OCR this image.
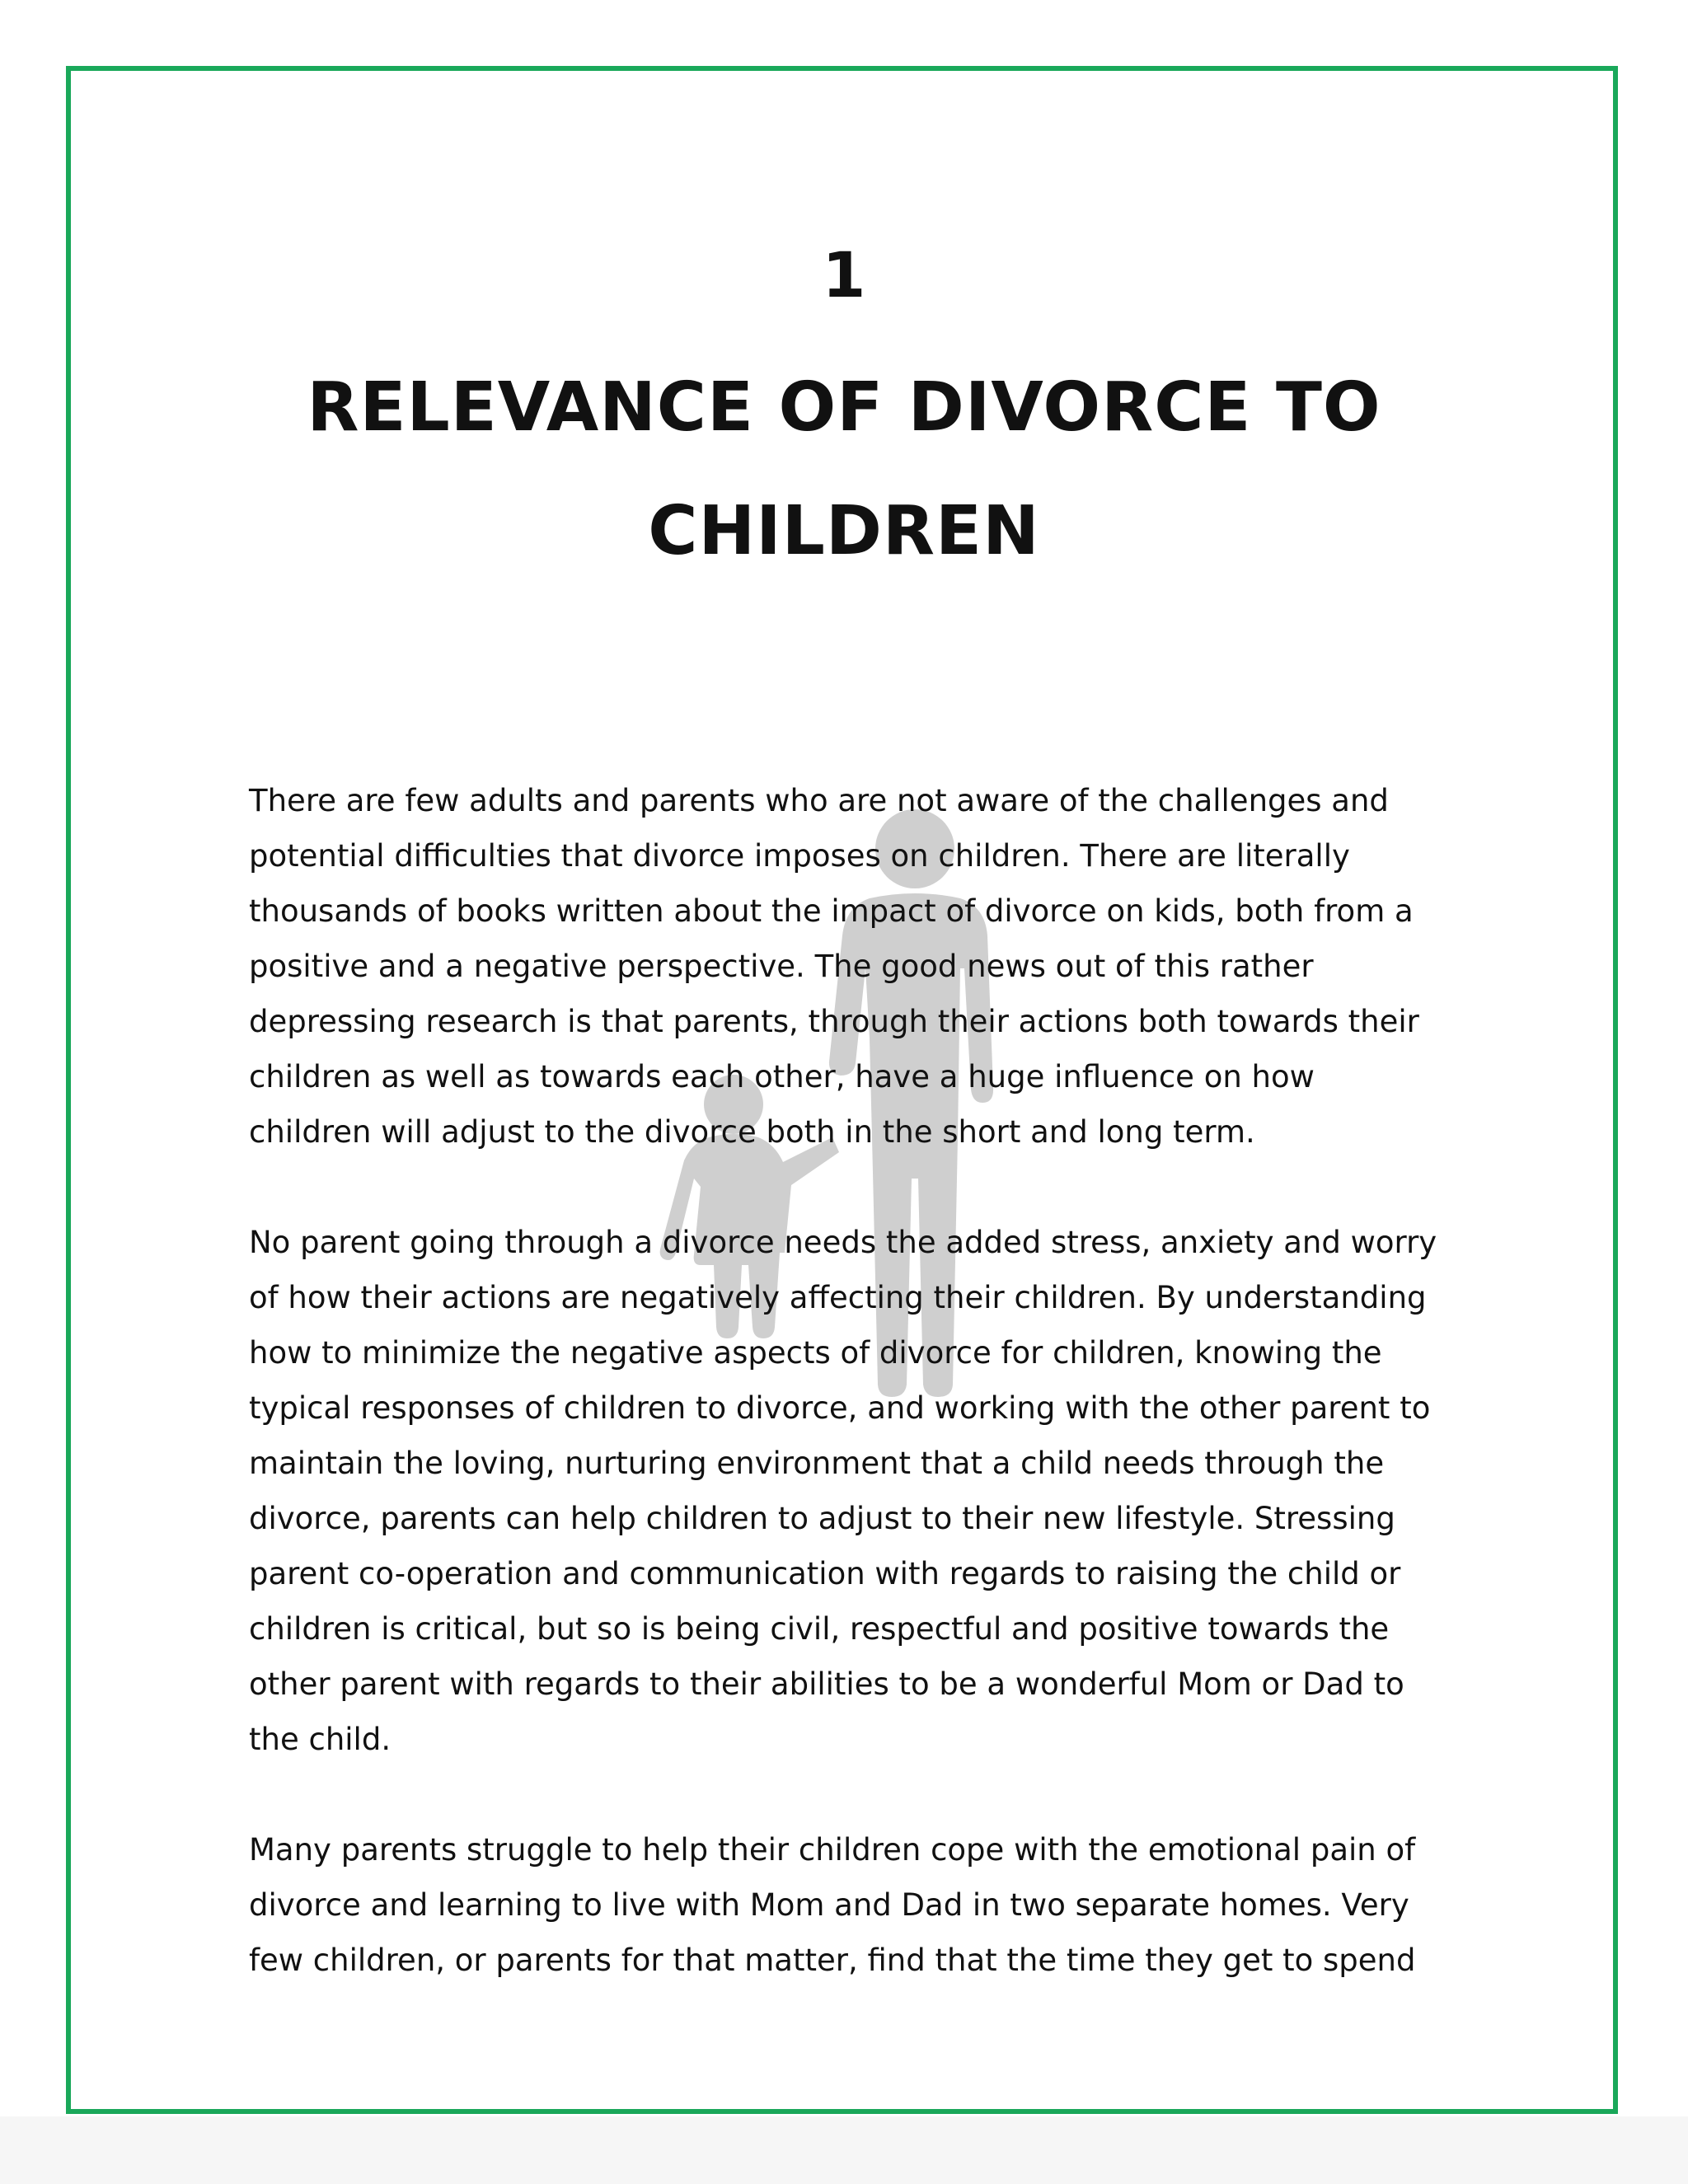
1
RELEVANCE OF DIVORCE TO CHILDREN

There are few adults and parents who are not aware of the challenges and
potential difficulties that divorce imposes on children. There are literally
thousands of books written about the impact of divorce on kids, both from a
positive and a negative perspective. The good news out of this rather
depressing research is that parents, through their actions both towards their
children as well as towards each other, have a huge influence on how
children will adjust to the divorce both in the short and long term.

No parent going through a divorce needs the added stress, anxiety and worry
of how their actions are negatively affecting their children. By understanding
how to minimize the negative aspects of divorce for children, knowing the
typical responses of children to divorce, and working with the other parent to
maintain the loving, nurturing environment that a child needs through the
divorce, parents can help children to adjust to their new lifestyle. Stressing
parent co-operation and communication with regards to raising the child or
children is critical, but so is being civil, respectful and positive towards the
other parent with regards to their abilities to be a wonderful Mom or Dad to
the child.

Many parents struggle to help their children cope with the emotional pain of
divorce and learning to live with Mom and Dad in two separate homes. Very
few children, or parents for that matter, find that the time they get to spend
